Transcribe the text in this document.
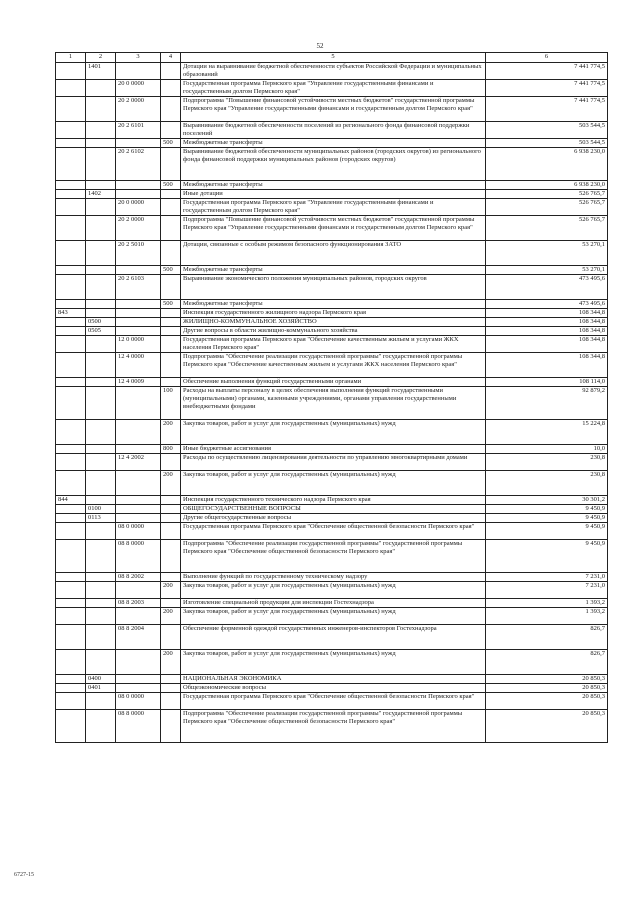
52
1	2	3	4	5	6
	1401			Дотации на выравнивание бюджетной обеспеченности субъектов Российской Федерации и муниципальных образований	7 441 774,5
		20 0 0000		Государственная программа Пермского края "Управление государственными финансами и государственным долгом Пермского края"	7 441 774,5
		20 2 0000		Подпрограмма "Повышение финансовой устойчивости местных бюджетов" государственной программы Пермского края "Управление государственными финансами и государственным долгом Пермского края"	7 441 774,5
		20 2 6101		Выравнивание бюджетной обеспеченности поселений из регионального фонда финансовой поддержки поселений	503 544,5
			500	Межбюджетные трансферты	503 544,5
		20 2 6102		Выравнивание бюджетной обеспеченности муниципальных районов (городских округов) из регионального фонда финансовой поддержки муниципальных районов (городских округов)	6 938 230,0
			500	Межбюджетные трансферты	6 938 230,0
	1402			Иные дотации	526 765,7
		20 0 0000		Государственная программа Пермского края "Управление государственными финансами и государственным долгом Пермского края"	526 765,7
		20 2 0000		Подпрограмма "Повышение финансовой устойчивости местных бюджетов" государственной программы Пермского края "Управление государственными финансами и государственным долгом Пермского края"	526 765,7
		20 2 5010		Дотации, связанные с особым режимом безопасного функционирования ЗАТО	53 270,1
			500	Межбюджетные трансферты	53 270,1
		20 2 6103		Выравнивание экономического положения муниципальных районов, городских округов	473 495,6
			500	Межбюджетные трансферты	473 495,6
843				Инспекция государственного жилищного надзора Пермского края	108 344,8
	0500			ЖИЛИЩНО-КОММУНАЛЬНОЕ ХОЗЯЙСТВО	108 344,8
	0505			Другие вопросы в области жилищно-коммунального хозяйства	108 344,8
		12 0 0000		Государственная программа Пермского края "Обеспечение качественным жильем и услугами ЖКХ населения Пермского края"	108 344,8
		12 4 0000		Подпрограмма "Обеспечение реализации государственной программы" государственной программы Пермского края "Обеспечение качественным жильем и услугами ЖКХ населения Пермского края"	108 344,8
		12 4 0009		Обеспечение выполнения функций государственными органами	108 114,0
			100	Расходы на выплаты персоналу в целях обеспечения выполнения функций государственными (муниципальными) органами, казенными учреждениями, органами управления государственными внебюджетными фондами	92 879,2
			200	Закупка товаров, работ и услуг для государственных (муниципальных) нужд	15 224,8
			800	Иные бюджетные ассигнования	10,0
		12 4 2002		Расходы по осуществлению лицензирования деятельности по управлению многоквартирными домами	230,8
			200	Закупка товаров, работ и услуг для государственных (муниципальных) нужд	230,8
844				Инспекция государственного технического надзора Пермского края	30 301,2
	0100			ОБЩЕГОСУДАРСТВЕННЫЕ ВОПРОСЫ	9 450,9
	0113			Другие общегосударственные вопросы	9 450,9
		08 0 0000		Государственная программа Пермского края "Обеспечение общественной безопасности Пермского края"	9 450,9
		08 8 0000		Подпрограмма "Обеспечение реализации государственной программы" государственной программы Пермского края "Обеспечение общественной безопасности Пермского края"	9 450,9
		08 8 2002		Выполнение функций по государственному техническому надзору	7 231,0
			200	Закупка товаров, работ и услуг для государственных (муниципальных) нужд	7 231,0
		08 8 2003		Изготовление специальной продукции для инспекции Гостехнадзора	1 393,2
			200	Закупка товаров, работ и услуг для государственных (муниципальных) нужд	1 393,2
		08 8 2004		Обеспечение форменной одеждой государственных инженеров-инспекторов Гостехнадзора	826,7
			200	Закупка товаров, работ и услуг для государственных (муниципальных) нужд	826,7
	0400			НАЦИОНАЛЬНАЯ ЭКОНОМИКА	20 850,3
	0401			Общеэкономические вопросы	20 850,3
		08 0 0000		Государственная программа Пермского края "Обеспечение общественной безопасности Пермского края"	20 850,3
		08 8 0000		Подпрограмма "Обеспечение реализации государственной программы" государственной программы Пермского края "Обеспечение общественной безопасности Пермского края"	20 850,3
6727-15
